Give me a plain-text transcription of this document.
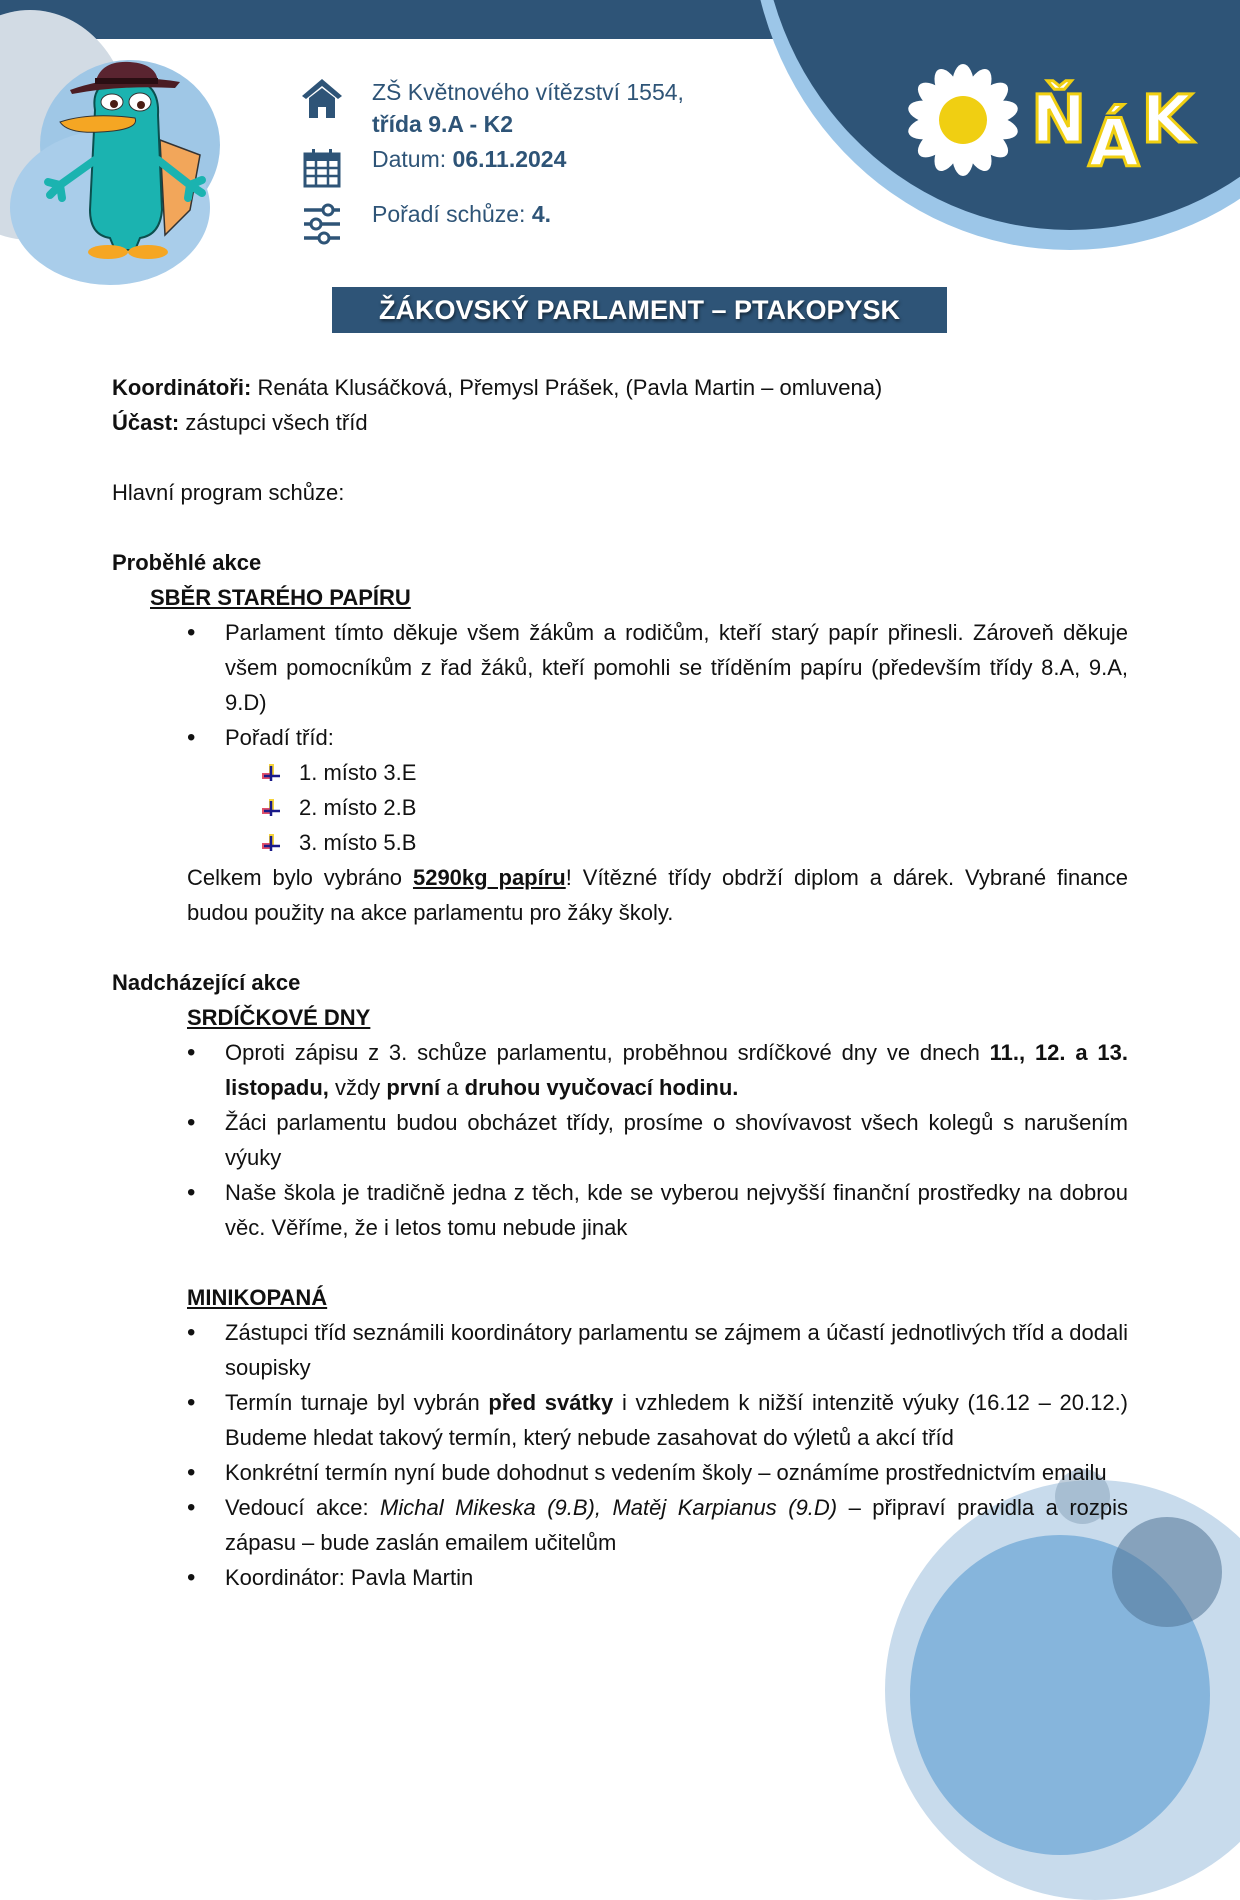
Ň Á K
ZŠ Květnového vítězství 1554,
třída 9.A - K2
Datum: 06.11.2024
Pořadí schůze: 4.
ŽÁKOVSKÝ PARLAMENT – PTAKOPYSK

Koordinátoři: Renáta Klusáčková, Přemysl Prášek, (Pavla Martin – omluvena)

Účast: zástupci všech tříd

Hlavní program schůze:

Proběhlé akce

SBĚR STARÉHO PAPÍRU

• Parlament tímto děkuje všem žákům a rodičům, kteří starý papír přinesli. Zároveň děkuje všem pomocníkům z řad žáků, kteří pomohli se tříděním papíru (především třídy 8.A, 9.A, 9.D)
• Pořadí tříd:
1. místo 3.E
2. místo 2.B
3. místo 5.B

Celkem bylo vybráno 5290kg papíru! Vítězné třídy obdrží diplom a dárek. Vybrané finance budou použity na akce parlamentu pro žáky školy.

Nadcházející akce

SRDÍČKOVÉ DNY

• Oproti zápisu z 3. schůze parlamentu, proběhnou srdíčkové dny ve dnech 11., 12. a 13. listopadu, vždy první a druhou vyučovací hodinu.
• Žáci parlamentu budou obcházet třídy, prosíme o shovívavost všech kolegů s narušením výuky
• Naše škola je tradičně jedna z těch, kde se vyberou nejvyšší finanční prostředky na dobrou věc. Věříme, že i letos tomu nebude jinak

MINIKOPANÁ

• Zástupci tříd seznámili koordinátory parlamentu se zájmem a účastí jednotlivých tříd a dodali soupisky
• Termín turnaje byl vybrán před svátky i vzhledem k nižší intenzitě výuky (16.12 – 20.12.) Budeme hledat takový termín, který nebude zasahovat do výletů a akcí tříd
• Konkrétní termín nyní bude dohodnut s vedením školy – oznámíme prostřednictvím emailu
• Vedoucí akce: Michal Mikeska (9.B), Matěj Karpianus (9.D) – připraví pravidla a rozpis zápasu – bude zaslán emailem učitelům
• Koordinátor: Pavla Martin
